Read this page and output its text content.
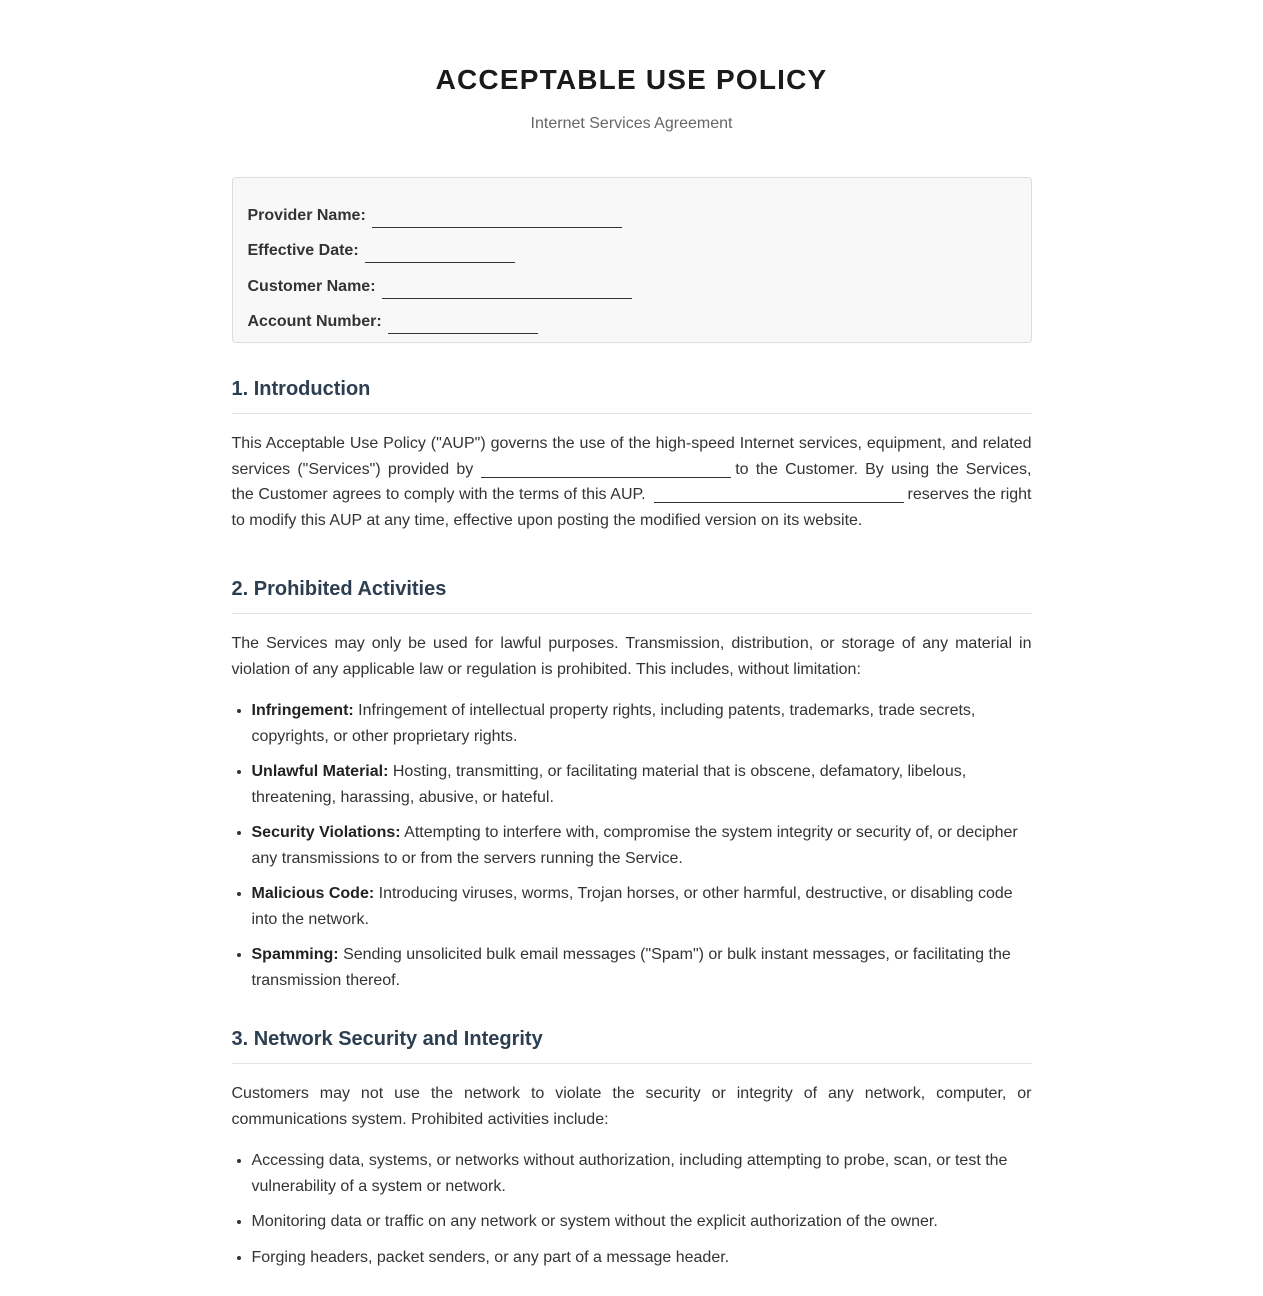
ACCEPTABLE USE POLICY
Internet Services Agreement
Provider Name:
Effective Date:
Customer Name:
Account Number:
1. Introduction

This Acceptable Use Policy ("AUP") governs the use of the high-speed Internet services, equipment, and related services ("Services") provided by	to the Customer. By using the Services, the Customer agrees to comply with the terms of this AUP.	reserves the right to modify this AUP at any time, effective upon posting the modified version on its website.

2. Prohibited Activities

The Services may only be used for lawful purposes. Transmission, distribution, or storage of any material in violation of any applicable law or regulation is prohibited. This includes, without limitation:

• Infringement: Infringement of intellectual property rights, including patents, trademarks, trade secrets, copyrights, or other proprietary rights.
• Unlawful Material: Hosting, transmitting, or facilitating material that is obscene, defamatory, libelous, threatening, harassing, abusive, or hateful.
• Security Violations: Attempting to interfere with, compromise the system integrity or security of, or decipher any transmissions to or from the servers running the Service.
• Malicious Code: Introducing viruses, worms, Trojan horses, or other harmful, destructive, or disabling code into the network.
• Spamming: Sending unsolicited bulk email messages ("Spam") or bulk instant messages, or facilitating the transmission thereof.
3. Network Security and Integrity

Customers may not use the network to violate the security or integrity of any network, computer, or communications system. Prohibited activities include:

• Accessing data, systems, or networks without authorization, including attempting to probe, scan, or test the vulnerability of a system or network.
• Monitoring data or traffic on any network or system without the explicit authorization of the owner.
• Forging headers, packet senders, or any part of a message header.
